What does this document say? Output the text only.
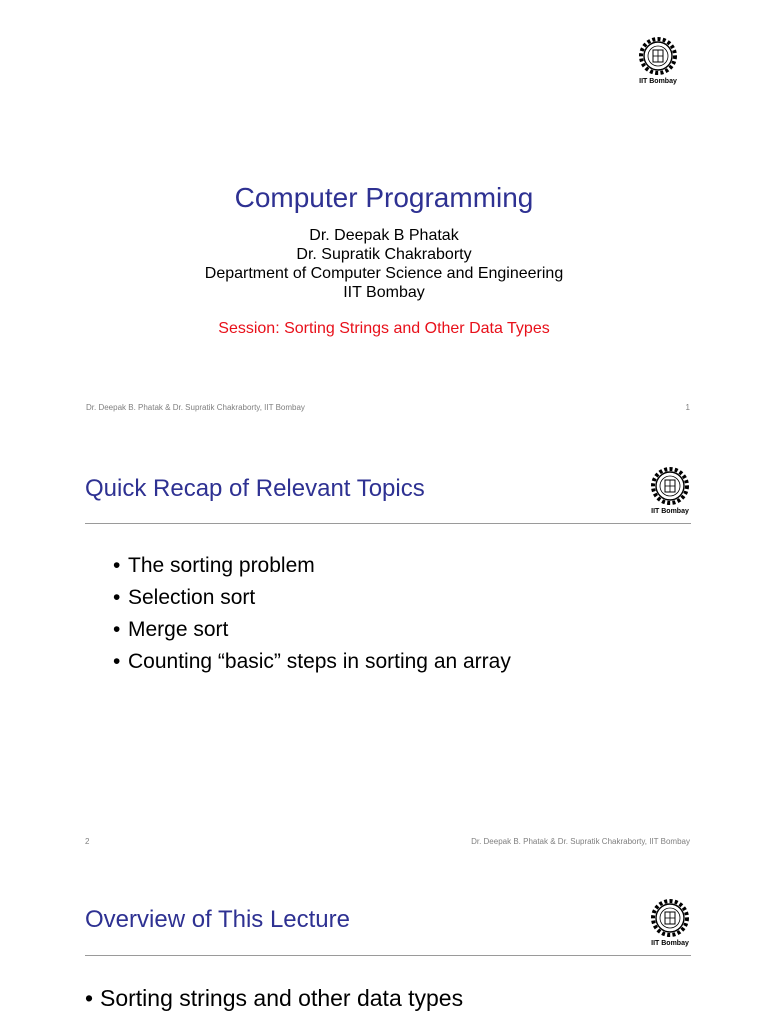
IIT Bombay
Computer Programming
Dr. Deepak B Phatak
Dr. Supratik Chakraborty
Department of Computer Science and Engineering
IIT Bombay
Session: Sorting Strings and Other Data Types
Dr. Deepak B. Phatak & Dr. Supratik Chakraborty, IIT Bombay	1
Quick Recap of Relevant Topics
IIT Bombay
• The sorting problem
• Selection sort
• Merge sort
• Counting “basic” steps in sorting an array
2	Dr. Deepak B. Phatak & Dr. Supratik Chakraborty, IIT Bombay
Overview of This Lecture
IIT Bombay
• Sorting strings and other data types
